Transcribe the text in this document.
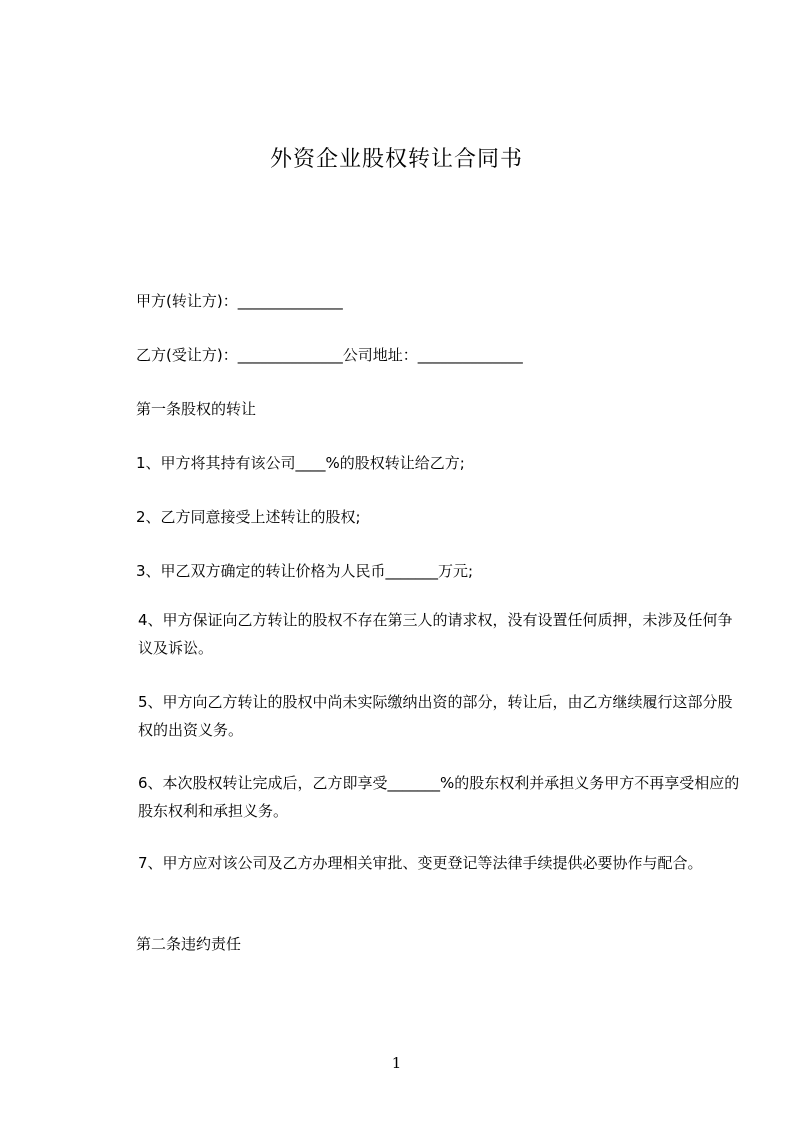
外资企业股权转让合同书
甲方(转让方)：______________
乙方(受让方)：______________公司地址：______________
第一条股权的转让
1、甲方将其持有该公司____%的股权转让给乙方;
2、乙方同意接受上述转让的股权;
3、甲乙双方确定的转让价格为人民币_______万元;
4、甲方保证向乙方转让的股权不存在第三人的请求权，没有设置任何质押，未涉及任何争议及诉讼。
5、甲方向乙方转让的股权中尚未实际缴纳出资的部分，转让后，由乙方继续履行这部分股权的出资义务。
6、本次股权转让完成后，乙方即享受_______%的股东权利并承担义务甲方不再享受相应的股东权利和承担义务。
7、甲方应对该公司及乙方办理相关审批、变更登记等法律手续提供必要协作与配合。
第二条违约责任
1
